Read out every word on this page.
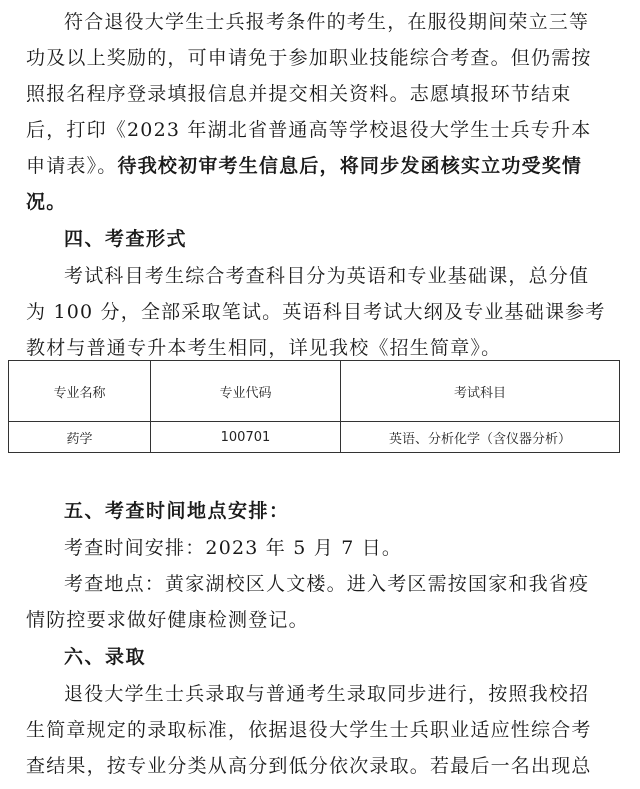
符合退役大学生士兵报考条件的考生，在服役期间荣立三等
功及以上奖励的，可申请免于参加职业技能综合考查。但仍需按
照报名程序登录填报信息并提交相关资料。志愿填报环节结束
后，打印《2023 年湖北省普通高等学校退役大学生士兵专升本
申请表》。待我校初审考生信息后，将同步发函核实立功受奖情
况。
四、考查形式
考试科目考生综合考查科目分为英语和专业基础课，总分值
为 100 分，全部采取笔试。英语科目考试大纲及专业基础课参考
教材与普通专升本考生相同，详见我校《招生简章》。
专业名称	专业代码	考试科目
药学	100701	英语、分析化学（含仪器分析）
五、考查时间地点安排：
考查时间安排：2023 年 5 月 7 日。
考查地点：黄家湖校区人文楼。进入考区需按国家和我省疫
情防控要求做好健康检测登记。
六、录取
退役大学生士兵录取与普通考生录取同步进行，按照我校招
生简章规定的录取标准，依据退役大学生士兵职业适应性综合考
查结果，按专业分类从高分到低分依次录取。若最后一名出现总
